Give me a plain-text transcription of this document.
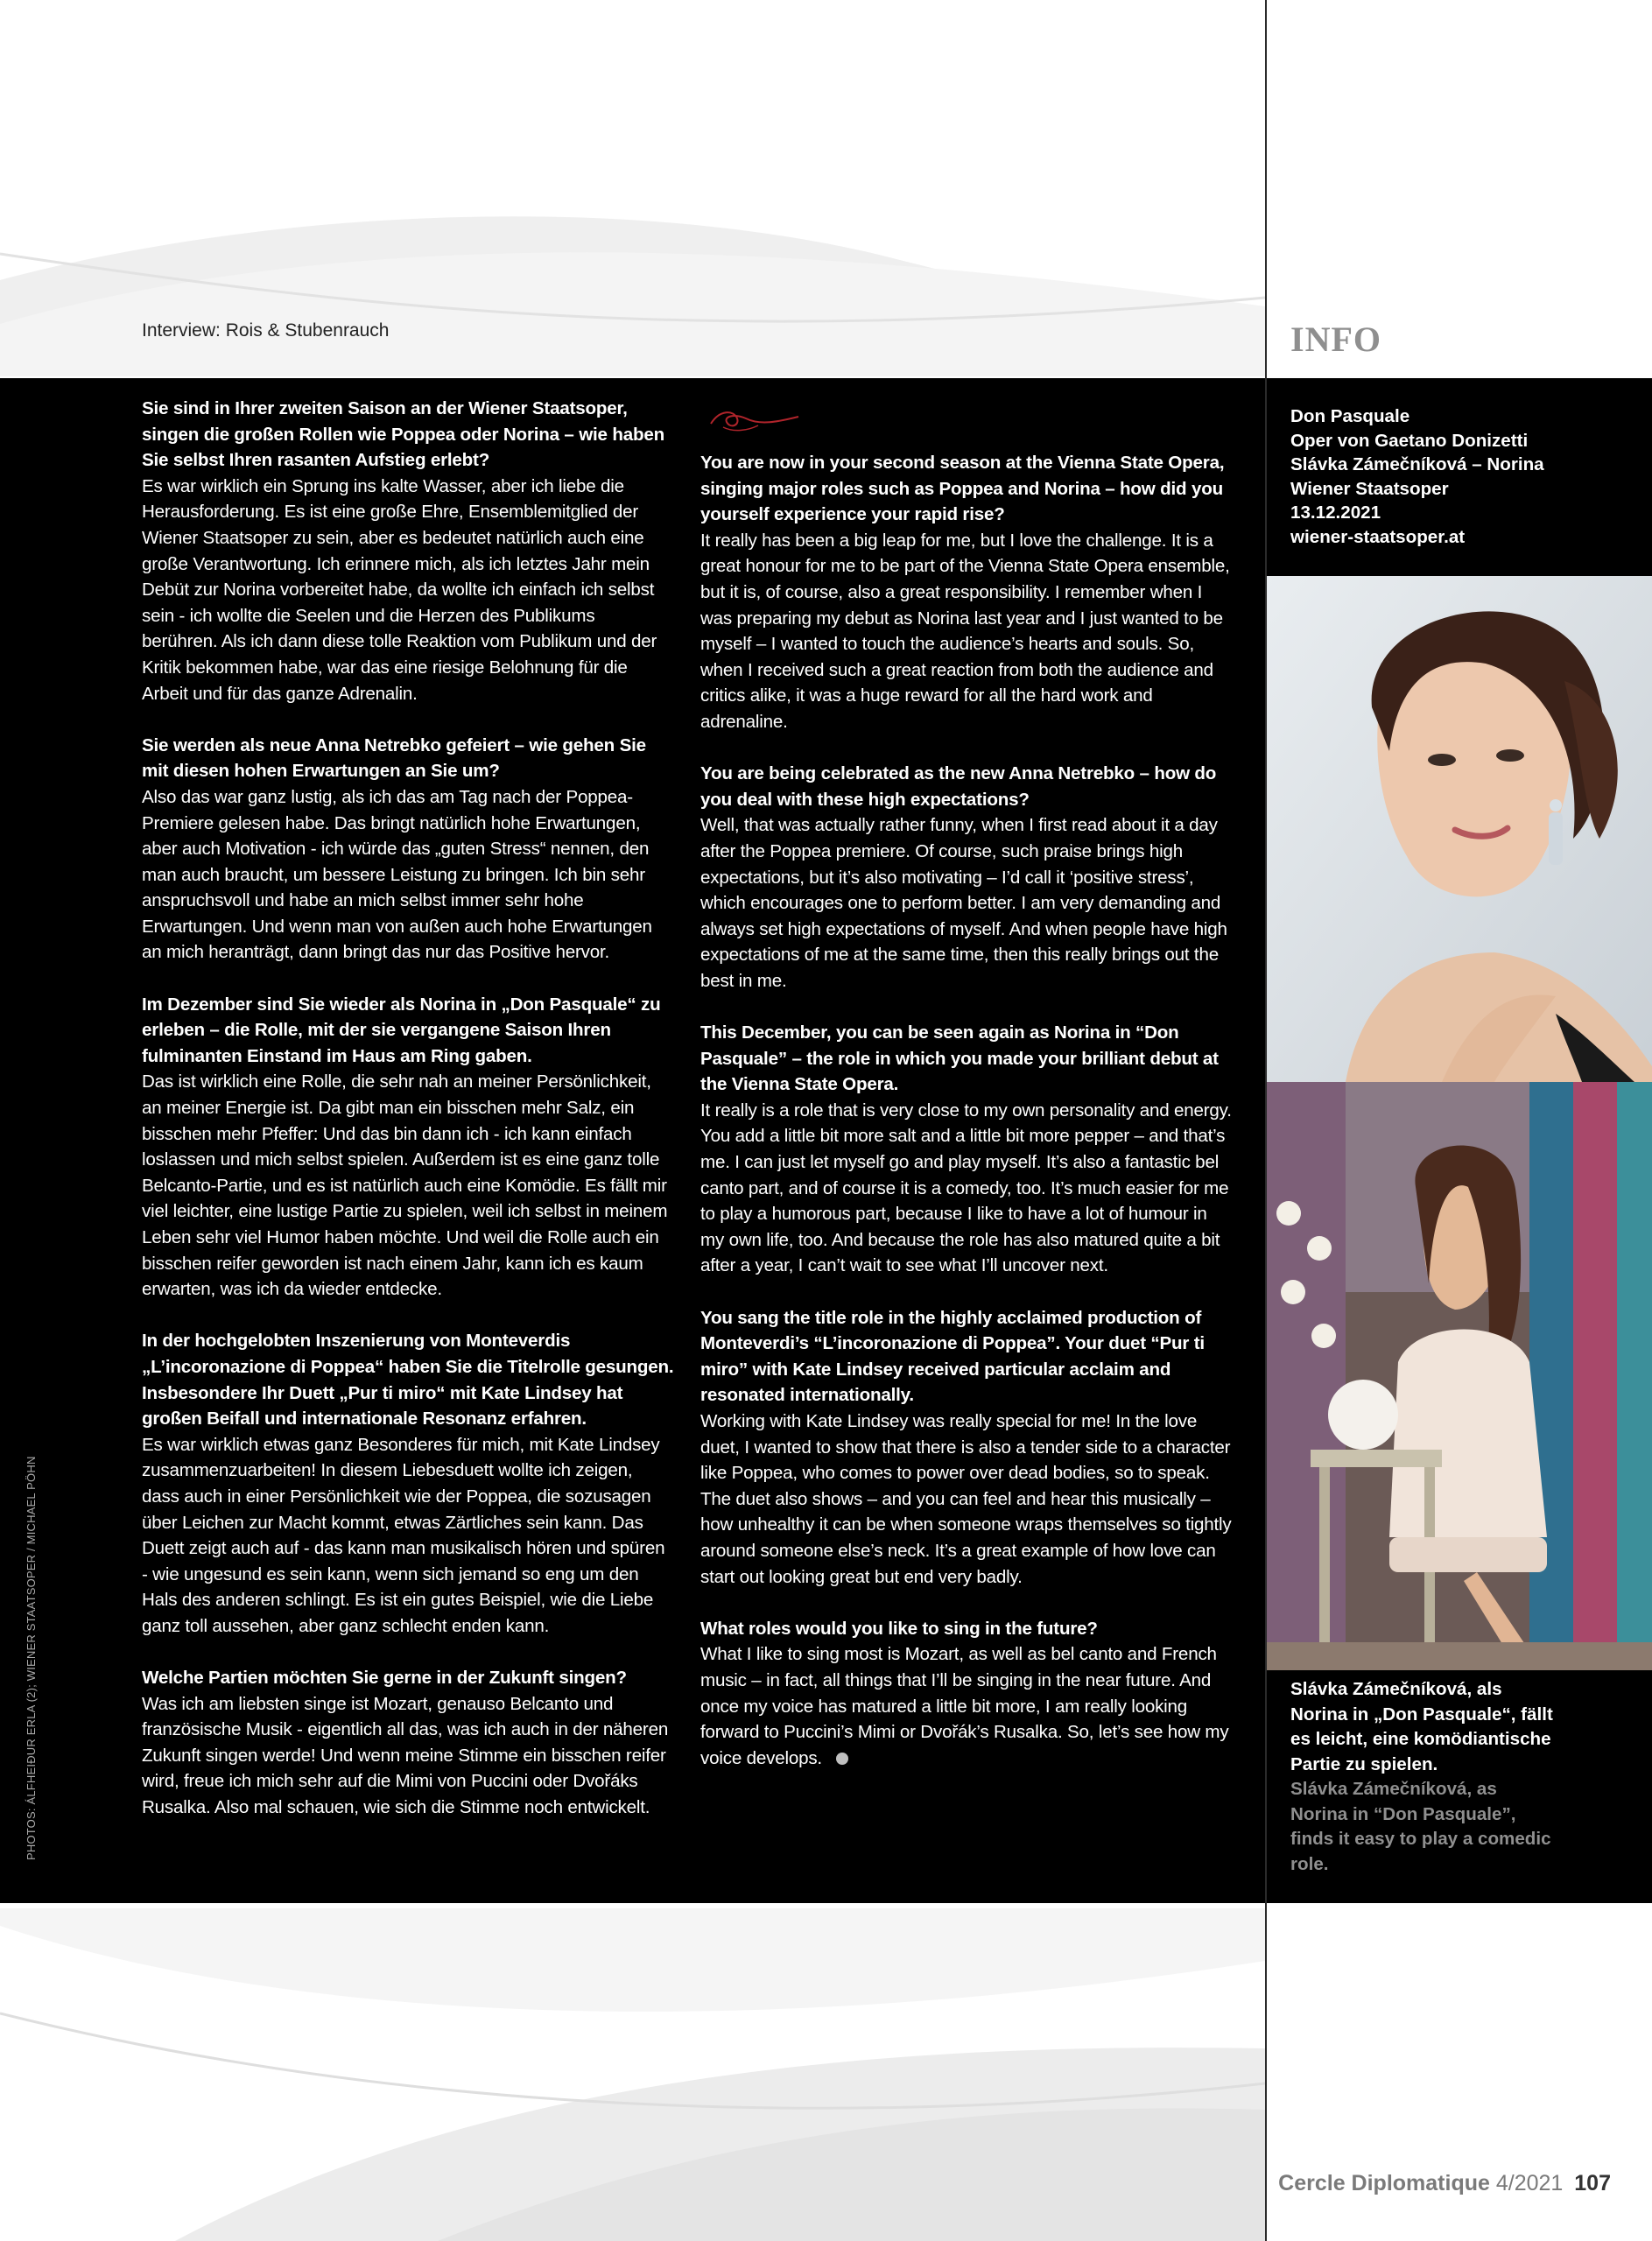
Interview: Rois & Stubenrauch
PHOTOS: ÁLFHEIÐUR ERLA (2); WIENER STAATSOPER / MICHAEL PÖHN

Sie sind in Ihrer zweiten Saison an der Wiener Staatsoper, singen die großen Rollen wie Poppea oder Norina – wie haben Sie selbst Ihren rasanten Aufstieg erlebt?

Es war wirklich ein Sprung ins kalte Wasser, aber ich liebe die Herausforderung. Es ist eine große Ehre, Ensemblemitglied der Wiener Staatsoper zu sein, aber es bedeutet natürlich auch eine große Verantwortung. Ich erinnere mich, als ich letztes Jahr mein Debüt zur Norina vorbereitet habe, da wollte ich einfach ich selbst sein - ich wollte die Seelen und die Herzen des Publikums berühren. Als ich dann diese tolle Reaktion vom Publikum und der Kritik bekommen habe, war das eine riesige Belohnung für die Arbeit und für das ganze Adrenalin.

Sie werden als neue Anna Netrebko gefeiert – wie gehen Sie mit diesen hohen Erwartungen an Sie um?

Also das war ganz lustig, als ich das am Tag nach der Poppea-Premiere gelesen habe. Das bringt natürlich hohe Erwartungen, aber auch Motivation - ich würde das „guten Stress“ nennen, den man auch braucht, um bessere Leistung zu bringen. Ich bin sehr anspruchsvoll und habe an mich selbst immer sehr hohe Erwartungen. Und wenn man von außen auch hohe Erwartungen an mich heranträgt, dann bringt das nur das Positive hervor.

Im Dezember sind Sie wieder als Norina in „Don Pasquale“ zu erleben – die Rolle, mit der sie vergangene Saison Ihren fulminanten Einstand im Haus am Ring gaben.

Das ist wirklich eine Rolle, die sehr nah an meiner Persönlichkeit, an meiner Energie ist. Da gibt man ein bisschen mehr Salz, ein bisschen mehr Pfeffer: Und das bin dann ich - ich kann einfach loslassen und mich selbst spielen. Außerdem ist es eine ganz tolle Belcanto-Partie, und es ist natürlich auch eine Komödie. Es fällt mir viel leichter, eine lustige Partie zu spielen, weil ich selbst in meinem Leben sehr viel Humor haben möchte. Und weil die Rolle auch ein bisschen reifer geworden ist nach einem Jahr, kann ich es kaum erwarten, was ich da wieder entdecke.

In der hochgelobten Inszenierung von Monteverdis „L’incoronazione di Poppea“ haben Sie die Titelrolle gesungen. Insbesondere Ihr Duett „Pur ti miro“ mit Kate Lindsey hat großen Beifall und internationale Resonanz erfahren.

Es war wirklich etwas ganz Besonderes für mich, mit Kate Lindsey zusammenzuarbeiten! In diesem Liebesduett wollte ich zeigen, dass auch in einer Persönlichkeit wie der Poppea, die sozusagen über Leichen zur Macht kommt, etwas Zärtliches sein kann. Das Duett zeigt auch auf - das kann man musikalisch hören und spüren - wie ungesund es sein kann, wenn sich jemand so eng um den Hals des anderen schlingt. Es ist ein gutes Beispiel, wie die Liebe ganz toll aussehen, aber ganz schlecht enden kann.

Welche Partien möchten Sie gerne in der Zukunft singen?

Was ich am liebsten singe ist Mozart, genauso Belcanto und französische Musik - eigentlich all das, was ich auch in der näheren Zukunft singen werde! Und wenn meine Stimme ein bisschen reifer wird, freue ich mich sehr auf die Mimi von Puccini oder Dvořáks Rusalka. Also mal schauen, wie sich die Stimme noch entwickelt.

You are now in your second season at the Vienna State Opera, singing major roles such as Poppea and Norina – how did you yourself experience your rapid rise?

It really has been a big leap for me, but I love the challenge. It is a great honour for me to be part of the Vienna State Opera ensemble, but it is, of course, also a great responsibility. I remember when I was preparing my debut as Norina last year and I just wanted to be myself – I wanted to touch the audience’s hearts and souls. So, when I received such a great reaction from both the audience and critics alike, it was a huge reward for all the hard work and adrenaline.

You are being celebrated as the new Anna Netrebko – how do you deal with these high expectations?

Well, that was actually rather funny, when I first read about it a day after the Poppea premiere. Of course, such praise brings high expectations, but it’s also motivating – I’d call it ‘positive stress’, which encourages one to perform better. I am very demanding and always set high expectations of myself. And when people have high expectations of me at the same time, then this really brings out the best in me.

This December, you can be seen again as Norina in “Don Pasquale” – the role in which you made your brilliant debut at the Vienna State Opera.

It really is a role that is very close to my own personality and energy. You add a little bit more salt and a little bit more pepper – and that’s me. I can just let myself go and play myself. It’s also a fantastic bel canto part, and of course it is a comedy, too. It’s much easier for me to play a humorous part, because I like to have a lot of humour in my own life, too. And because the role has also matured quite a bit after a year, I can’t wait to see what I’ll uncover next.

You sang the title role in the highly acclaimed production of Monteverdi’s “L’incoronazione di Poppea”. Your duet “Pur ti miro” with Kate Lindsey received particular acclaim and resonated internationally.

Working with Kate Lindsey was really special for me! In the love duet, I wanted to show that there is also a tender side to a character like Poppea, who comes to power over dead bodies, so to speak. The duet also shows – and you can feel and hear this musically – how unhealthy it can be when someone wraps themselves so tightly around someone else’s neck. It’s a great example of how love can start out looking great but end very badly.

What roles would you like to sing in the future?

What I like to sing most is Mozart, as well as bel canto and French music – in fact, all things that I’ll be singing in the near future. And once my voice has matured a little bit more, I am really looking forward to Puccini’s Mimi or Dvořák’s Rusalka. So, let’s see how my voice develops.

INFO
Don Pasquale
Oper von Gaetano Donizetti
Slávka Zámečníková – Norina
Wiener Staatsoper
13.12.2021
wiener-staatsoper.at
Slávka Zámečníková, als Norina in „Don Pasquale“, fällt es leicht, eine komödiantische Partie zu spielen.
Slávka Zámečníková, as Norina in “Don Pasquale”, finds it easy to play a comedic role.
Cercle Diplomatique 4/2021 107
